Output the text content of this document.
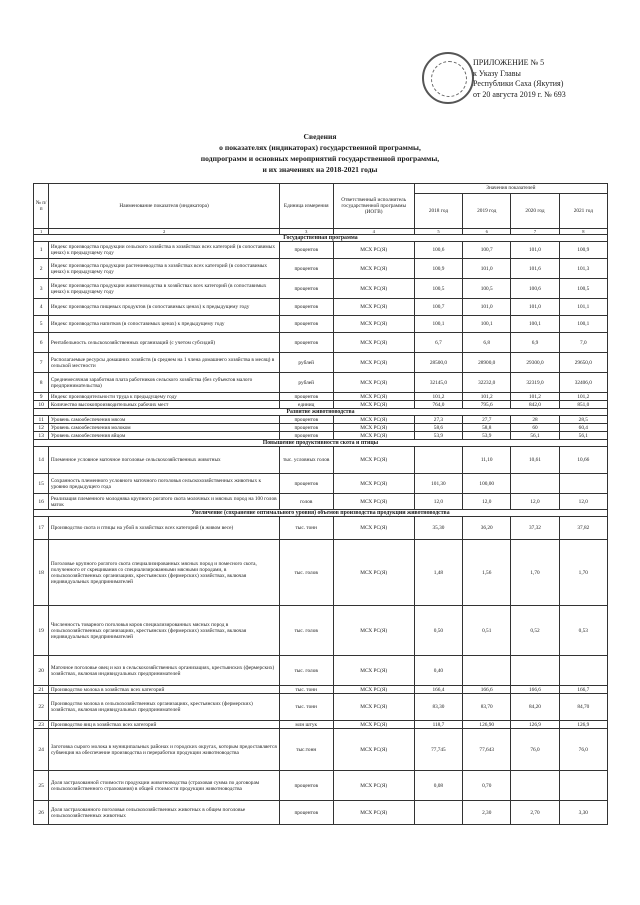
ПРИЛОЖЕНИЕ № 5
к Указу Главы
Республики Саха (Якутия)
от 20 августа 2019 г. № 693
Сведения
о показателях (индикаторах) государственной программы,
подпрограмм и основных мероприятий государственной программы,
и их значениях на 2018-2021 годы
№ п/п	Наименование показателя (индикатора)	Единица измерения	Ответственный исполнитель государственной программы (ИОГВ)	Значения показателей			
				2018 год	2019 год	2020 год	2021 год
1	2	3	4	5	6	7	8
Государственная программа							
1	Индекс производства продукции сельского хозяйства в хозяйствах всех категорий (в сопоставимых ценах) к предыдущему году	процентов	МСХ РС(Я)	100,6	100,7	101,0	100,9
2	Индекс производства продукции растениеводства в хозяйствах всех категорий (в сопоставимых ценах) к предыдущему году	процентов	МСХ РС(Я)	100,9	101,0	101,6	101,3
3	Индекс производства продукции животноводства в хозяйствах всех категорий (в сопоставимых ценах) к предыдущему году	процентов	МСХ РС(Я)	100,5	100,5	100,6	100,5
4	Индекс производства пищевых продуктов (в сопоставимых ценах) к предыдущему году	процентов	МСХ РС(Я)	100,7	101,0	101,0	101,1
5	Индекс производства напитков (в сопоставимых ценах) к предыдущему году	процентов	МСХ РС(Я)	100,1	100,1	100,1	100,1
6	Рентабельность сельскохозяйственных организаций (с учетом субсидий)	процентов	МСХ РС(Я)	6,7	6,8	6,9	7,0
7	Располагаемые ресурсы домашних хозяйств (в среднем на 1 члена домашнего хозяйства в месяц) в сельской местности	рублей	МСХ РС(Я)	28500,0	28900,0	29300,0	29650,0
8	Среднемесячная заработная плата работников сельского хозяйства (без субъектов малого предпринимательства)	рублей	МСХ РС(Я)	32145,0	32232,0	32319,0	32406,0
9	Индекс производительности труда к предыдущему году	процентов	МСХ РС(Я)	101,2	101,2	101,2	101,2
10	Количество высокопроизводительных рабочих мест	единиц	МСХ РС(Я)	764,0	795,6	842,0	851,0
Развитие животноводства							
11	Уровень самообеспечения мясом	процентов	МСХ РС(Я)	27,3	27,7	28	28,5
12	Уровень самообеспечения молоком	процентов	МСХ РС(Я)	58,6	58,8	60	60,4
13	Уровень самообеспечения яйцом	процентов	МСХ РС(Я)	53,9	53,9	56,1	56,1
Повышение продуктивности скота и птицы							
14	Племенное условное маточное поголовье сельскохозяйственных животных	тыс. условных голов	МСХ РС(Я)		11,10	10,61	10,66
15	Сохранность племенного условного маточного поголовья сельскохозяйственных животных к уровню предыдущего года	процентов	МСХ РС(Я)	101,30	100,00		
16	Реализация племенного молодняка крупного рогатого скота молочных и мясных пород на 100 голов маток	голов	МСХ РС(Я)	12,0	12,0	12,0	12,0
Увеличение (сохранение оптимального уровня) объемов производства продукции животноводства							
17	Производство скота и птицы на убой в хозяйствах всех категорий (в живом весе)	тыс. тонн	МСХ РС(Я)	35,30	36,20	37,32	37,82
18	Поголовье крупного рогатого скота специализированных мясных пород и помесного скота, полученного от скрещивания со специализированными мясными породами, в сельскохозяйственных организациях, крестьянских (фермерских) хозяйствах, включая индивидуальных предпринимателей	тыс. голов	МСХ РС(Я)	1,48	1,56	1,70	1,70
19	Численность товарного поголовья коров специализированных мясных пород в сельскохозяйственных организациях, крестьянских (фермерских) хозяйствах, включая индивидуальных предпринимателей	тыс. голов	МСХ РС(Я)	0,50	0,51	0,52	0,53
20	Маточное поголовье овец и коз в сельскохозяйственных организациях, крестьянских (фермерских) хозяйствах, включая индивидуальных предпринимателей	тыс. голов	МСХ РС(Я)	0,40			
21	Производство молока в хозяйствах всех категорий	тыс. тонн	МСХ РС(Я)	166,4	166,6	166,6	166,7
22	Производство молока в сельскохозяйственных организациях, крестьянских (фермерских) хозяйствах, включая индивидуальных предпринимателей	тыс. тонн	МСХ РС(Я)	83,30	83,70	84,20	84,70
23	Производство яиц в хозяйствах всех категорий	млн штук	МСХ РС(Я)	118,7	126,90	126,9	126,9
24	Заготовка сырого молока в муниципальных районах и городских округах, которым предоставляется субвенция на обеспечение производства и переработки продукции животноводства	тыс.тонн	МСХ РС(Я)	77,745	77,643	76,0	76,0
25	Доля застрахованной стоимости продукции животноводства (страховая сумма по договорам сельскохозяйственного страхования) в общей стоимости продукции животноводства	процентов	МСХ РС(Я)	0,08	0,70		
26	Доля застрахованного поголовья сельскохозяйственных животных в общем поголовье сельскохозяйственных животных	процентов	МСХ РС(Я)		2,30	2,70	3,30
